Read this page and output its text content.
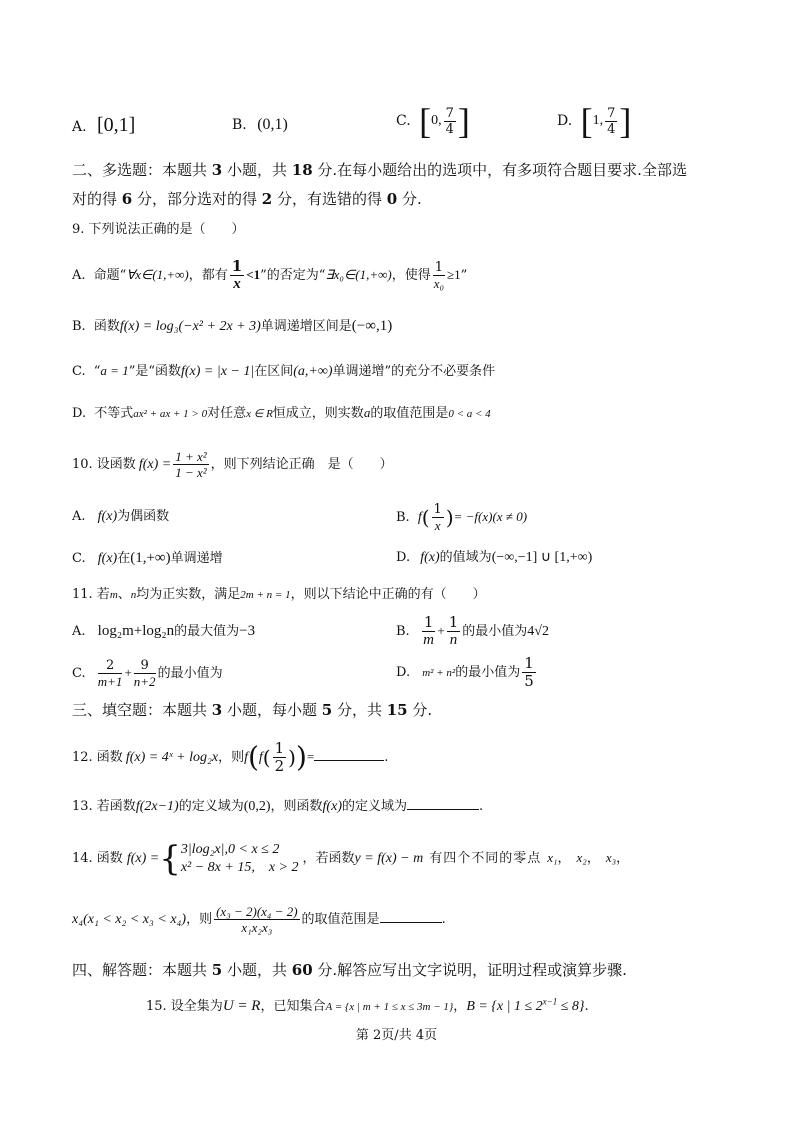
A. [0,1]	B. (0,1)	C. [0, $\frac{7}{4}$ ]	D. [1, $\frac{7}{4}$ ]
二、多选题：本题共 3 小题，共 18 分.在每小题给出的选项中，有多项符合题目要求.全部选
对的得 6 分，部分选对的得 2 分，有选错的得 0 分.
9. 下列说法正确的是（　　）
A. 命题“∀x∈(1,+∞)，都有 $\frac{1}{x} <1$”的否定为“∃x₀∈(1,+∞)，使得 $\frac{1}{\text{x₀}} \ge 1$”
B. 函数f(x) = log₃(−x² + 2x + 3)单调递增区间是(−∞,1)
C. “a = 1”是“函数f(x) = |x − 1|在区间(a,+∞)单调递增”的充分不必要条件
D. 不等式ax² + ax + 1 > 0对任意x ∈ R恒成立，则实数a的取值范围是0 < a < 4
10. 设函数 $f(x) = \frac{\text{1 + x²}}{\text{1 − x²}}$ ，则下列结论正确　是（　　）
A. f(x)为偶函数	B. $f( \frac{1}{x}$ )= −f(x)(x ≠ 0)
C. f(x)在(1,+∞)单调递增	D. f(x)的值域为(−∞,−1] ∪ [1,+∞)
11. 若m、n均为正实数，满足2m + n = 1，则以下结论中正确的有（　　）
A. log₂m+log₂n的最大值为−3	B. $\frac{1}{m} + \frac{1}{n}$ 的最小值为4√2
C. $\frac{2}{m+1} + \frac{9}{n+2}$ 的最小值为	D. m² + n²的最小值为 $\frac{1}{5}$
三、填空题：本题共 3 小题，每小题 5 分，共 15 分.
12. 函数 f(x) = 4ˣ + log₂x，则$f(f( \frac{1}{2}$ ))=	.
13. 若函数f(2x−1)的定义域为(0,2)，则函数f(x)的定义域为	.
14. 函数 f(x) ={ 3|log₂x|,0 < x ≤ 2
x² − 8x + 15,　x > 2
，若函数y = f(x) − m 有四个不同的零点 x₁， x₂， x₃，
x₄(x₁ < x₂ < x₃ < x₄)，则 $\frac{\text{(x₃ − 2)(x₄ − 2)}}{\text{x₁x₂x₃}}$ 的取值范围是	.
四、解答题：本题共 5 小题，共 60 分.解答应写出文字说明，证明过程或演算步骤.
15. 设全集为U = R，已知集合A = {x | m + 1 ≤ x ≤ 3m − 1}，B = {x | $1 \le 2^{x-1} \le 8$}.
第 2页/共 4页
